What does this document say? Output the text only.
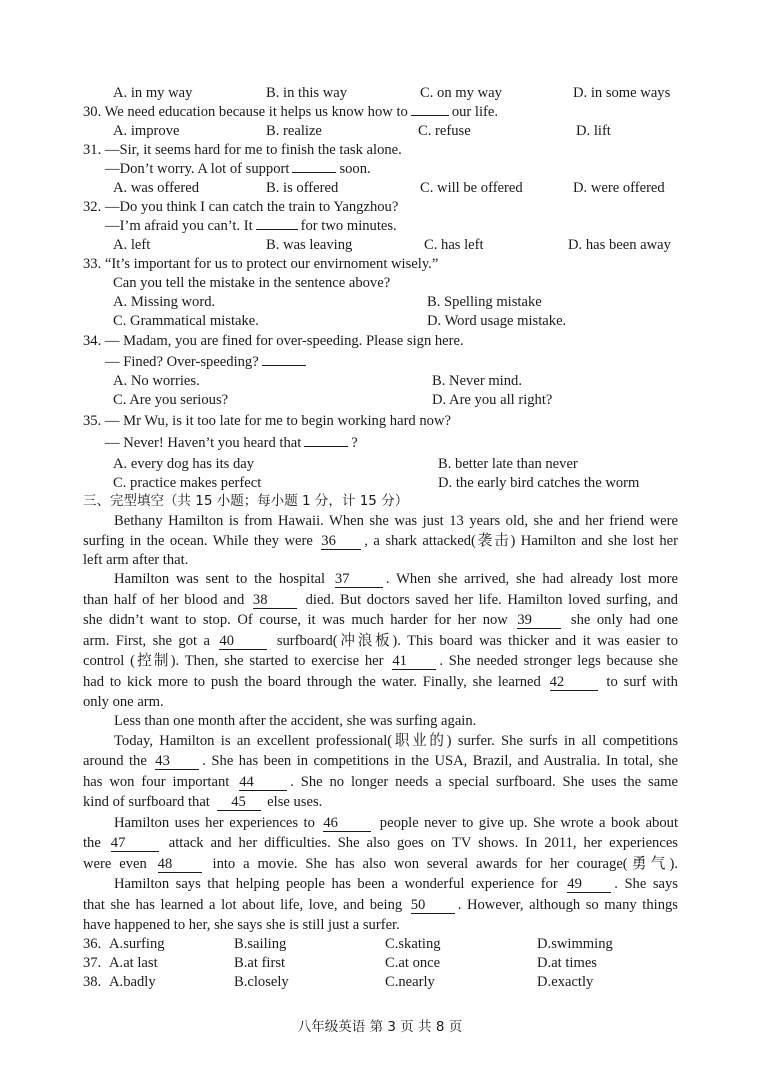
A. in my way	B. in this way	C. on my way	D. in some ways
30. We need education because it helps us know how to	our life.
A. improve	B. realize	C. refuse	D. lift
31. —Sir, it seems hard for me to finish the task alone.
—Don’t worry. A lot of support	soon.
A. was offered	B. is offered	C. will be offered	D. were offered
32. —Do you think I can catch the train to Yangzhou?
—I’m afraid you can’t. It	for two minutes.
A. left	B. was leaving	C. has left	D. has been away
33. “It’s important for us to protect our envirnoment wisely.”
Can you tell the mistake in the sentence above?
A. Missing word.	B. Spelling mistake
C. Grammatical mistake.	D. Word usage mistake.
34. — Madam, you are fined for over-speeding. Please sign here.
— Fined? Over-speeding?
A. No worries.	B. Never mind.
C. Are you serious?	D. Are you all right?
35. — Mr Wu, is it too late for me to begin working hard now?
— Never! Haven’t you heard that	?
A. every dog has its day	B. better late than never
C. practice makes perfect	D. the early bird catches the worm
三、完型填空（共 15 小题；每小题 1 分，计 15 分）
Bethany Hamilton is from Hawaii. When she was just 13 years old, she and her friend were
surfing in the ocean. While they were 36 , a shark attacked(袭击) Hamilton and she lost her
left arm after that.
Hamilton was sent to the hospital 37 . When she arrived, she had already lost more
than half of her blood and 38	died. But doctors saved her life. Hamilton loved surfing, and
she didn’t want to stop. Of course, it was much harder for her now 39	she only had one
arm. First, she got a 40	surfboard(冲浪板). This board was thicker and it was easier to
control (控制). Then, she started to exercise her 41 . She needed stronger legs because she
had to kick more to push the board through the water. Finally, she learned 42	to surf with
only one arm.
Less than one month after the accident, she was surfing again.
Today, Hamilton is an excellent professional(职业的) surfer. She surfs in all competitions
around the 43 . She has been in competitions in the USA, Brazil, and Australia. In total, she
has won four important 44 . She no longer needs a special surfboard. She uses the same
kind of surfboard that 45 else uses.
Hamilton uses her experiences to 46	people never to give up. She wrote a book about
the 47	attack and her difficulties. She also goes on TV shows. In 2011, her experiences
were even 48	into a movie. She has also won several awards for her courage(勇气).
Hamilton says that helping people has been a wonderful experience for 49 . She says
that she has learned a lot about life, love, and being 50 . However, although so many things
have happened to her, she says she is still just a surfer.
36. A.surfing	B.sailing	C.skating	D.swimming
37. A.at last	B.at first	C.at once	D.at times
38. A.badly	B.closely	C.nearly	D.exactly
八年级英语 第 3 页 共 8 页
